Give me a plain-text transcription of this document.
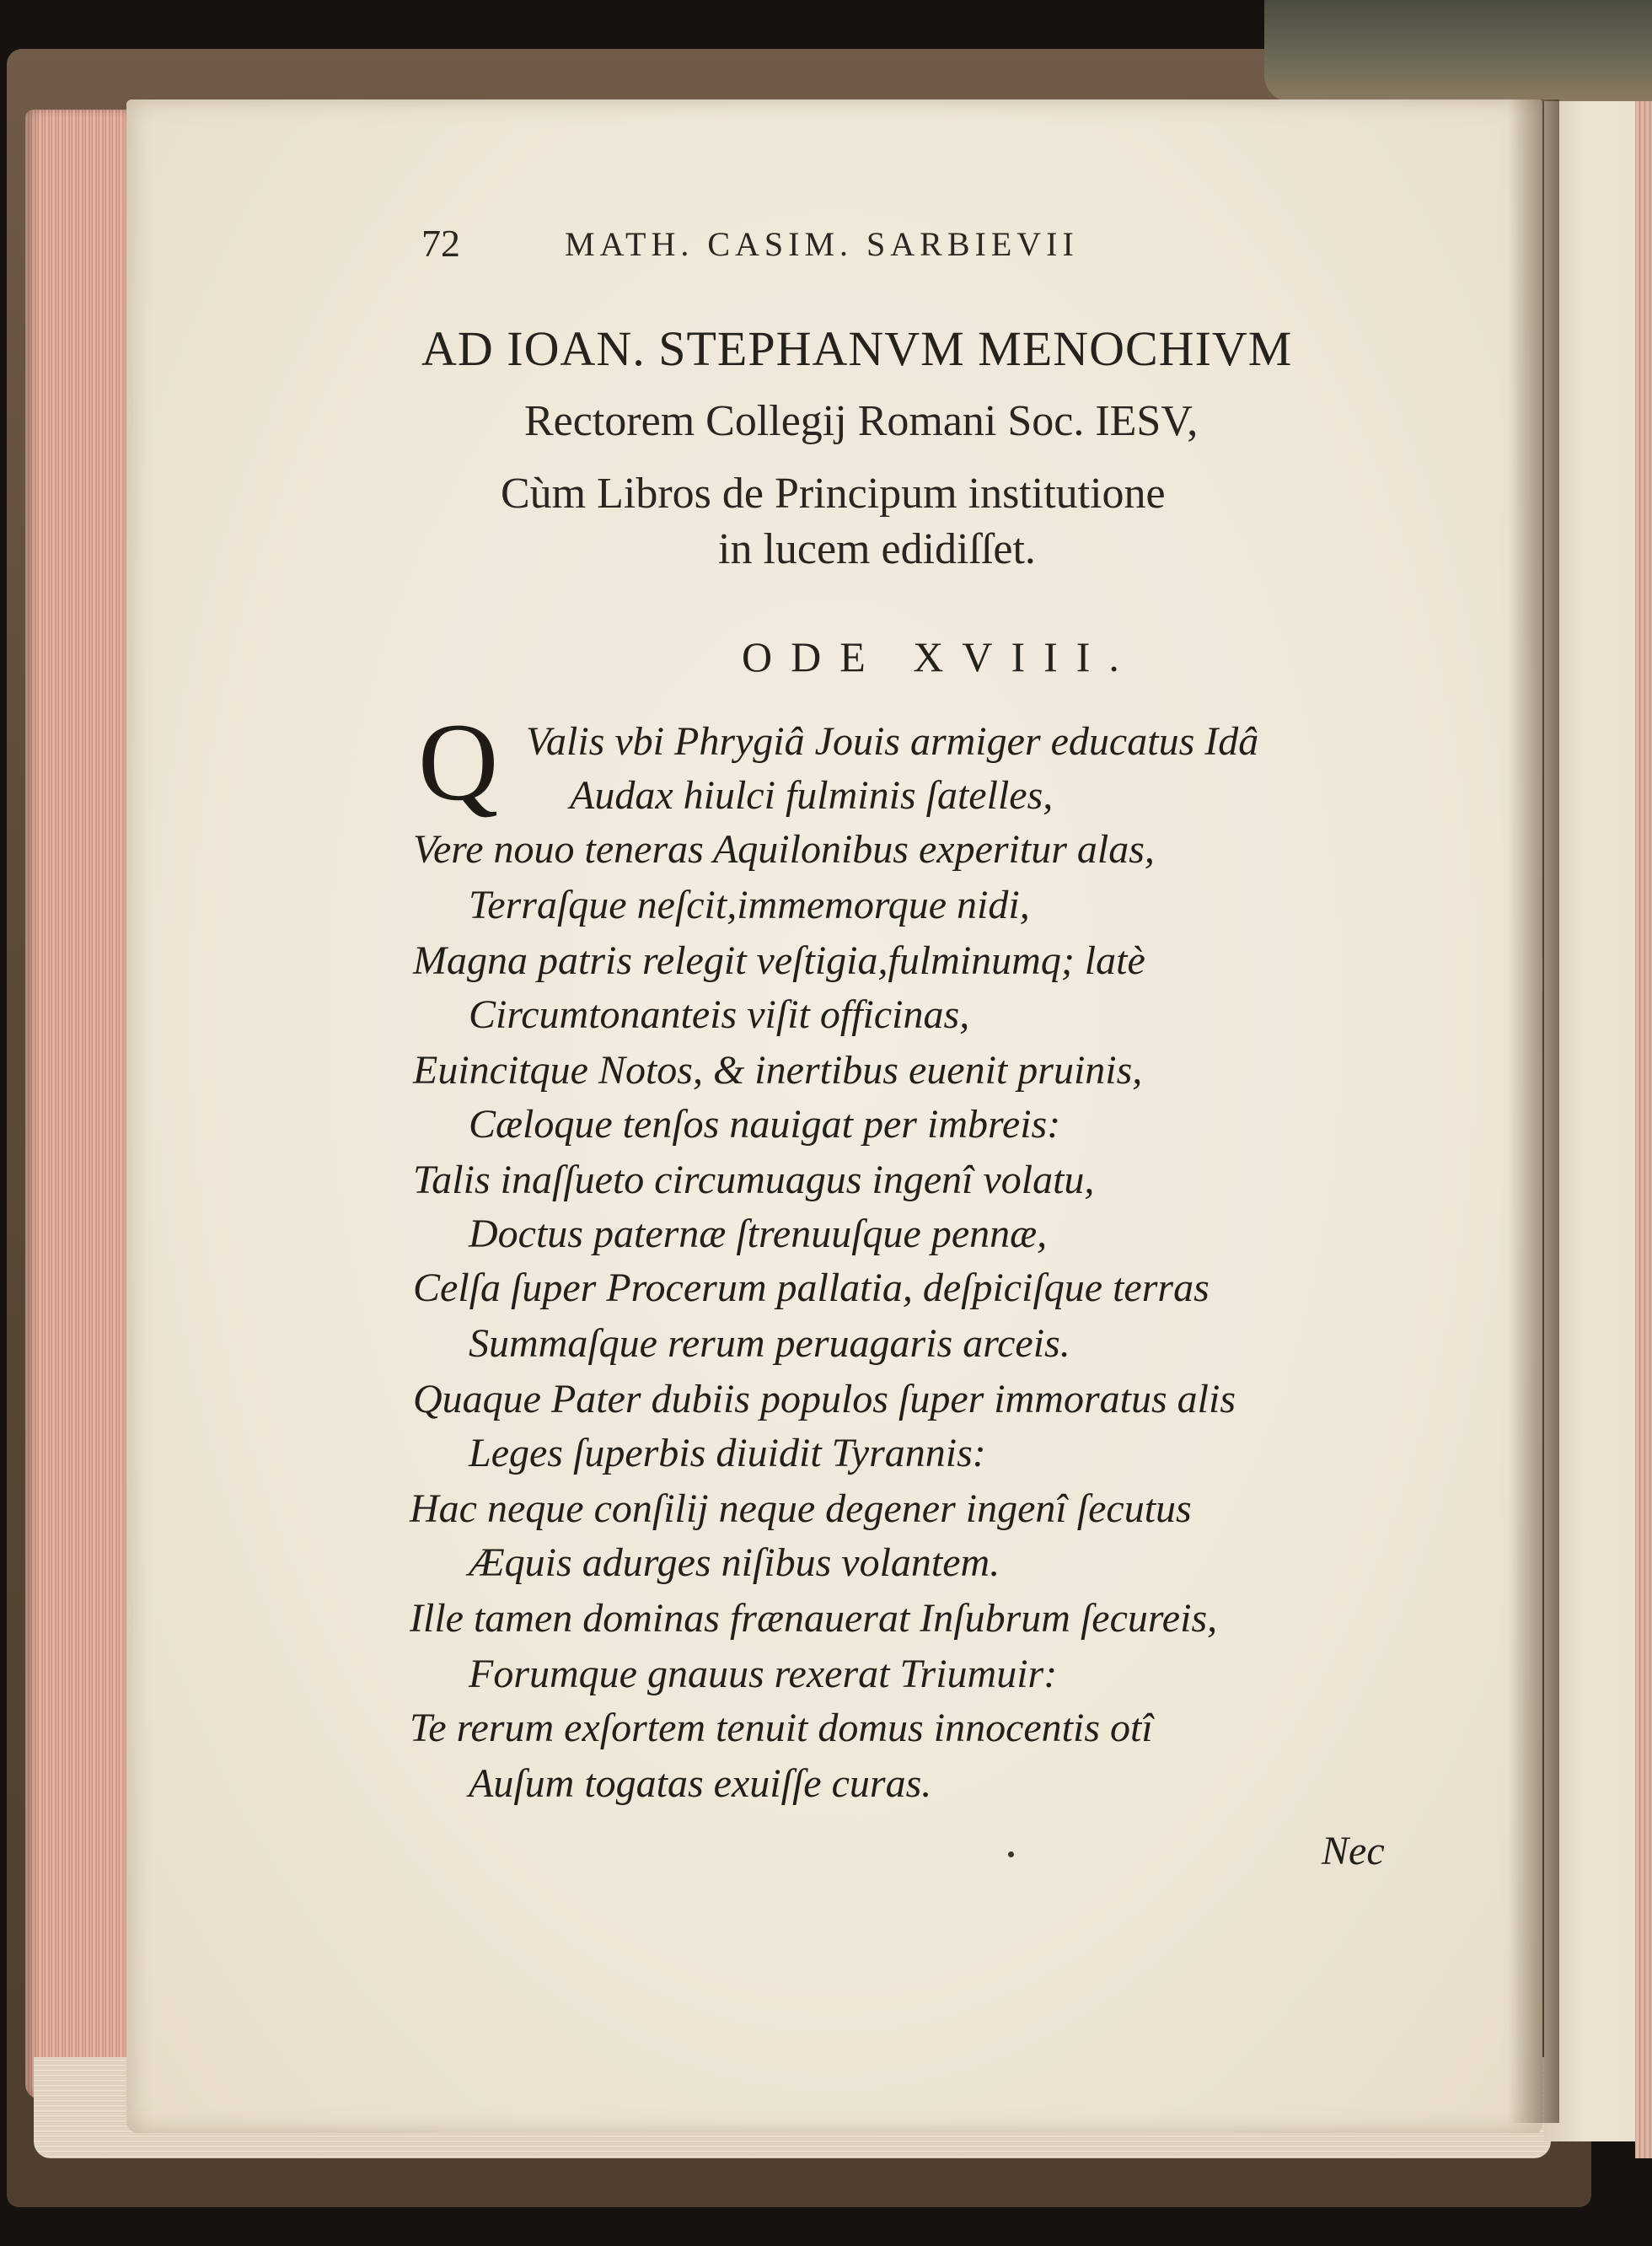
72	MATH. CASIM. SARBIEVII
AD IOAN. STEPHANVM MENOCHIVM
Rectorem Collegij Romani Soc. IESV,
Cùm Libros de Principum institutione
in lucem edidiſſet.
ODE XVIII.
Q Valis vbi Phrygiâ Jouis armiger educatus Idâ
Audax hiulci fulminis ſatelles,
Vere nouo teneras Aquilonibus experitur alas,
Terraſque neſcit,immemorque nidi,
Magna patris relegit veſtigia,fulminumq; latè
Circumtonanteis viſit officinas,
Euincitque Notos, & inertibus euenit pruinis,
Cæloque tenſos nauigat per imbreis:
Talis inaſſueto circumuagus ingenî volatu,
Doctus paternæ ſtrenuuſque pennæ,
Celſa ſuper Procerum pallatia, deſpiciſque terras
Summaſque rerum peruagaris arceis.
Quaque Pater dubiis populos ſuper immoratus alis
Leges ſuperbis diuidit Tyrannis:
Hac neque conſilij neque degener ingenî ſecutus
Æquis adurges niſibus volantem.
Ille tamen dominas frænauerat Inſubrum ſecureis,
Forumque gnauus rexerat Triumuir:
Te rerum exſortem tenuit domus innocentis otî
Auſum togatas exuiſſe curas.
Nec
